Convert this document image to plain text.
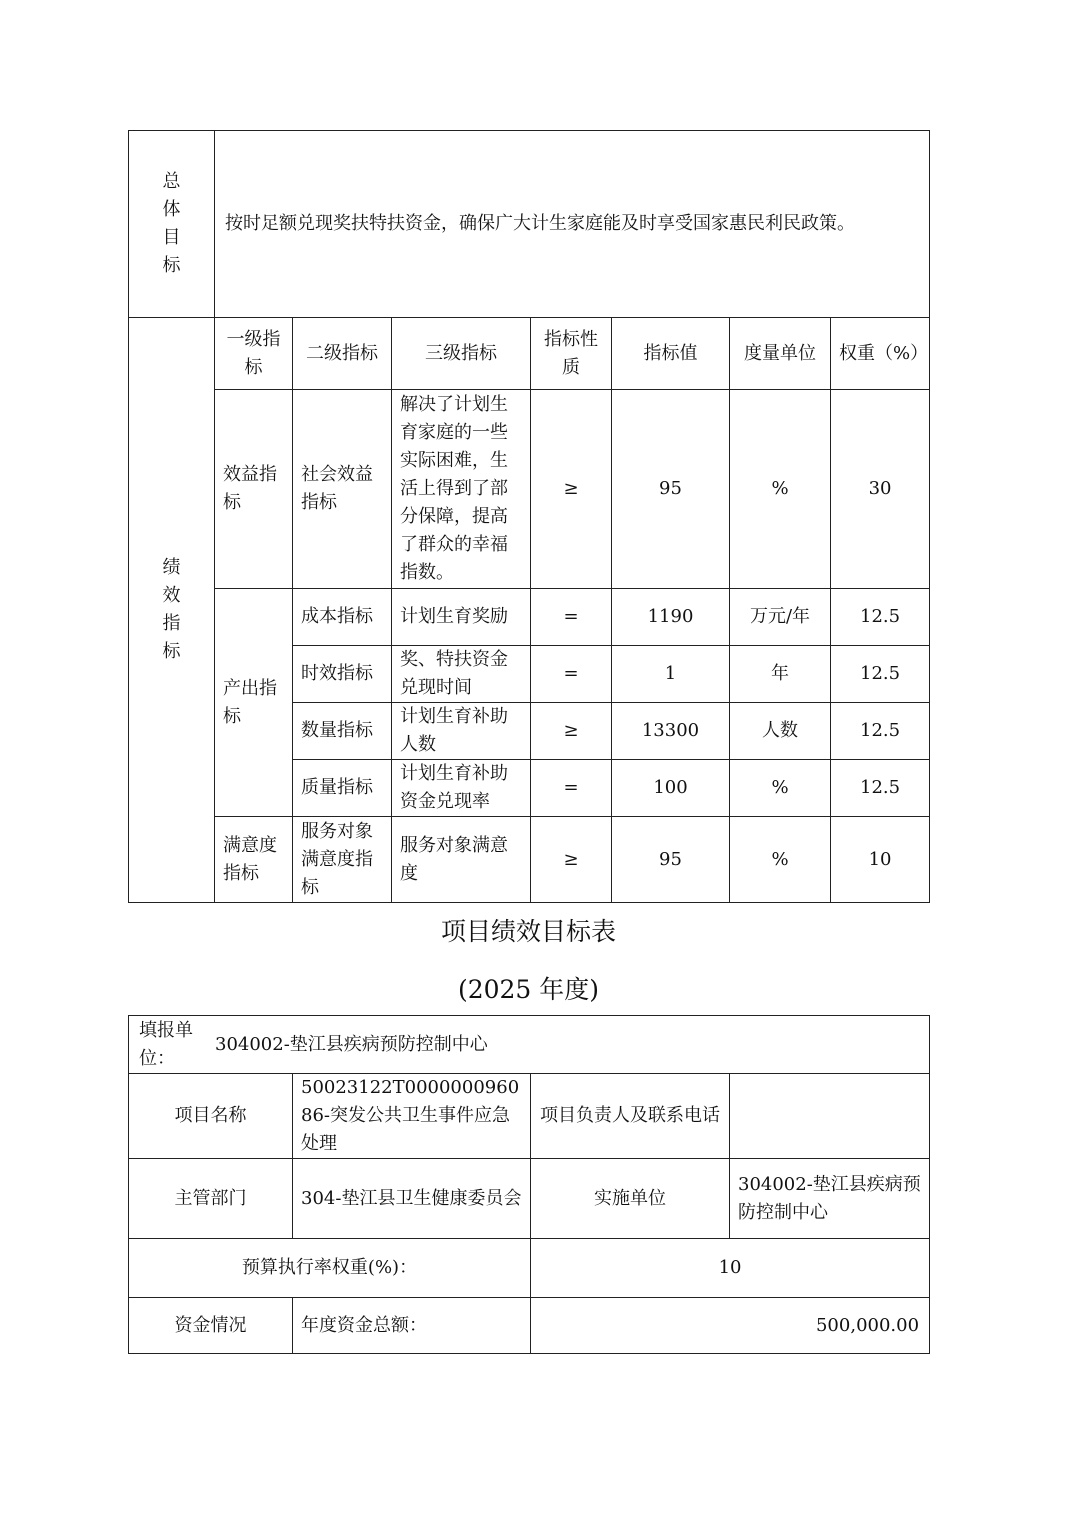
总
体
目
标	按时足额兑现奖扶特扶资金，确保广大计生家庭能及时享受国家惠民利民政策。						
绩
效
指
标	一级指标	二级指标	三级指标	指标性质	指标值	度量单位	权重（%）
	效益指标	社会效益指标	解决了计划生育家庭的一些实际困难，生活上得到了部分保障，提高了群众的幸福指数。	≥	95	%	30
	产出指标	成本指标	计划生育奖励	=	1190	万元/年	12.5
		时效指标	奖、特扶资金兑现时间	=	1	年	12.5
		数量指标	计划生育补助人数	≥	13300	人数	12.5
		质量指标	计划生育补助资金兑现率	=	100	%	12.5
	满意度指标	服务对象满意度指标	服务对象满意度	≥	95	%	10
项目绩效目标表
(2025 年度)
填报单位：
304002-垫江县疾病预防控制中心			

项目名称	50023122T000000096086-突发公共卫生事件应急处理	项目负责人及联系电话	
主管部门	304-垫江县卫生健康委员会	实施单位	304002-垫江县疾病预防控制中心
预算执行率权重(%)：		10	
资金情况	年度资金总额：	500,000.00	
